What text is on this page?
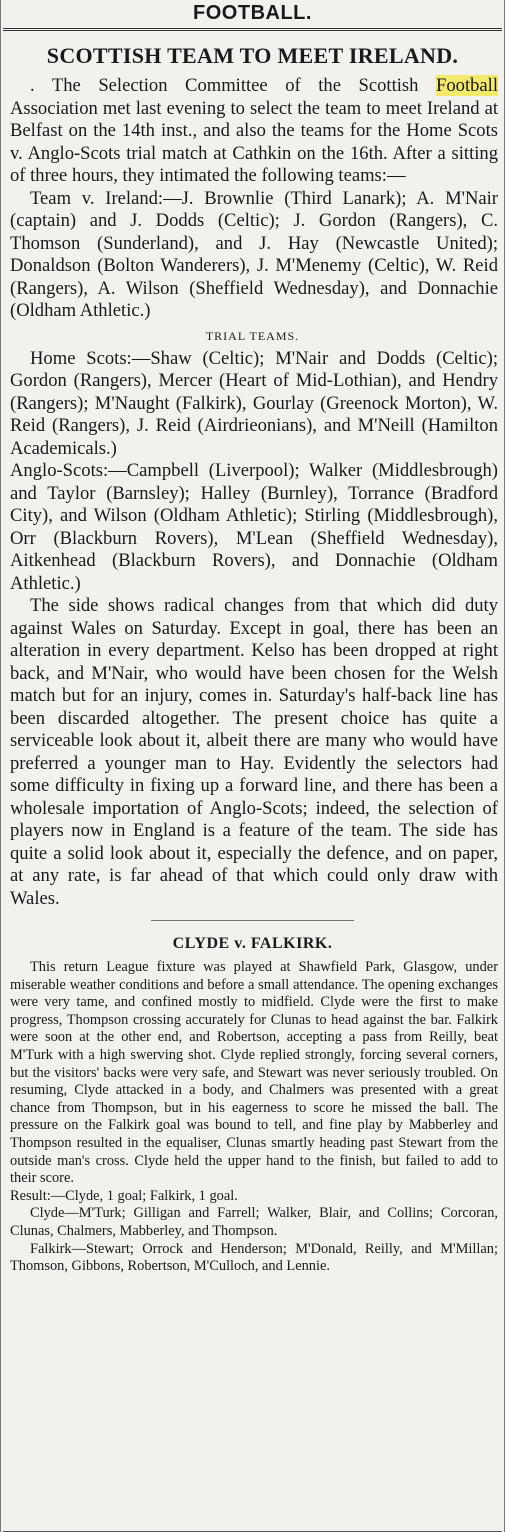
FOOTBALL.
SCOTTISH TEAM TO MEET IRELAND.

. The Selection Committee of the Scottish Football Association met last evening to select the team to meet Ireland at Belfast on the 14th inst., and also the teams for the Home Scots v. Anglo-Scots trial match at Cathkin on the 16th. After a sitting of three hours, they intimated the following teams:—

Team v. Ireland:—J. Brownlie (Third Lanark); A. M'Nair (captain) and J. Dodds (Celtic); J. Gordon (Rangers), C. Thomson (Sunderland), and J. Hay (Newcastle United); Donaldson (Bolton Wanderers), J. M'Menemy (Celtic), W. Reid (Rangers), A. Wilson (Sheffield Wednesday), and Donnachie (Oldham Athletic.)

TRIAL TEAMS.

Home Scots:—Shaw (Celtic); M'Nair and Dodds (Celtic); Gordon (Rangers), Mercer (Heart of Mid-Lothian), and Hendry (Rangers); M'Naught (Falkirk), Gourlay (Greenock Morton), W. Reid (Rangers), J. Reid (Airdrieonians), and M'Neill (Hamilton Academicals.)

Anglo-Scots:—Campbell (Liverpool); Walker (Middlesbrough) and Taylor (Barnsley); Halley (Burnley), Torrance (Bradford City), and Wilson (Oldham Athletic); Stirling (Middlesbrough), Orr (Blackburn Rovers), M'Lean (Sheffield Wednesday), Aitkenhead (Blackburn Rovers), and Donnachie (Oldham Athletic.)

The side shows radical changes from that which did duty against Wales on Saturday. Except in goal, there has been an alteration in every department. Kelso has been dropped at right back, and M'Nair, who would have been chosen for the Welsh match but for an injury, comes in. Saturday's half-back line has been discarded altogether. The present choice has quite a serviceable look about it, albeit there are many who would have preferred a younger man to Hay. Evidently the selectors had some difficulty in fixing up a forward line, and there has been a wholesale importation of Anglo-Scots; indeed, the selection of players now in England is a feature of the team. The side has quite a solid look about it, especially the defence, and on paper, at any rate, is far ahead of that which could only draw with Wales.

CLYDE v. FALKIRK.

This return League fixture was played at Shawfield Park, Glasgow, under miserable weather conditions and before a small attendance. The opening exchanges were very tame, and confined mostly to midfield. Clyde were the first to make progress, Thompson crossing accurately for Clunas to head against the bar. Falkirk were soon at the other end, and Robertson, accepting a pass from Reilly, beat M'Turk with a high swerving shot. Clyde replied strongly, forcing several corners, but the visitors' backs were very safe, and Stewart was never seriously troubled. On resuming, Clyde attacked in a body, and Chalmers was presented with a great chance from Thompson, but in his eagerness to score he missed the ball. The pressure on the Falkirk goal was bound to tell, and fine play by Mabberley and Thompson resulted in the equaliser, Clunas smartly heading past Stewart from the outside man's cross. Clyde held the upper hand to the finish, but failed to add to their score.

Result:—Clyde, 1 goal; Falkirk, 1 goal.

Clyde—M'Turk; Gilligan and Farrell; Walker, Blair, and Collins; Corcoran, Clunas, Chalmers, Mabberley, and Thompson.

Falkirk—Stewart; Orrock and Henderson; M'Donald, Reilly, and M'Millan; Thomson, Gibbons, Robertson, M'Culloch, and Lennie.
